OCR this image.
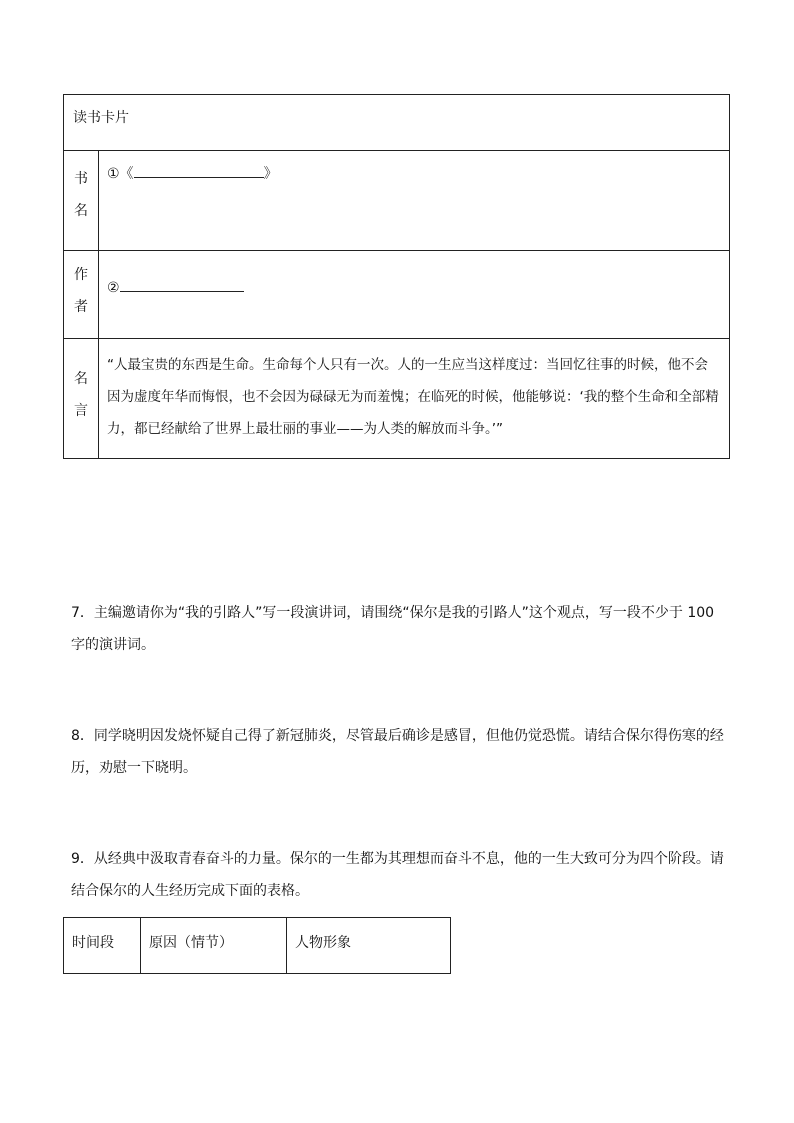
读书卡片	

书
名	①《 》

作
者	②

名
言	“人最宝贵的东西是生命。生命每个人只有一次。人的一生应当这样度过：当回忆往事的时候，他不会因为虚度年华而悔恨，也不会因为碌碌无为而羞愧；在临死的时候，他能够说：‘我的整个生命和全部精力，都已经献给了世界上最壮丽的事业——为人类的解放而斗争。’”
7．主编邀请你为“我的引路人”写一段演讲词，请围绕“保尔是我的引路人”这个观点，写一段不少于 100 字的演讲词。
8．同学晓明因发烧怀疑自己得了新冠肺炎，尽管最后确诊是感冒，但他仍觉恐慌。请结合保尔得伤寒的经历，劝慰一下晓明。
9．从经典中汲取青春奋斗的力量。保尔的一生都为其理想而奋斗不息，他的一生大致可分为四个阶段。请结合保尔的人生经历完成下面的表格。
时间段	原因（情节）	人物形象
